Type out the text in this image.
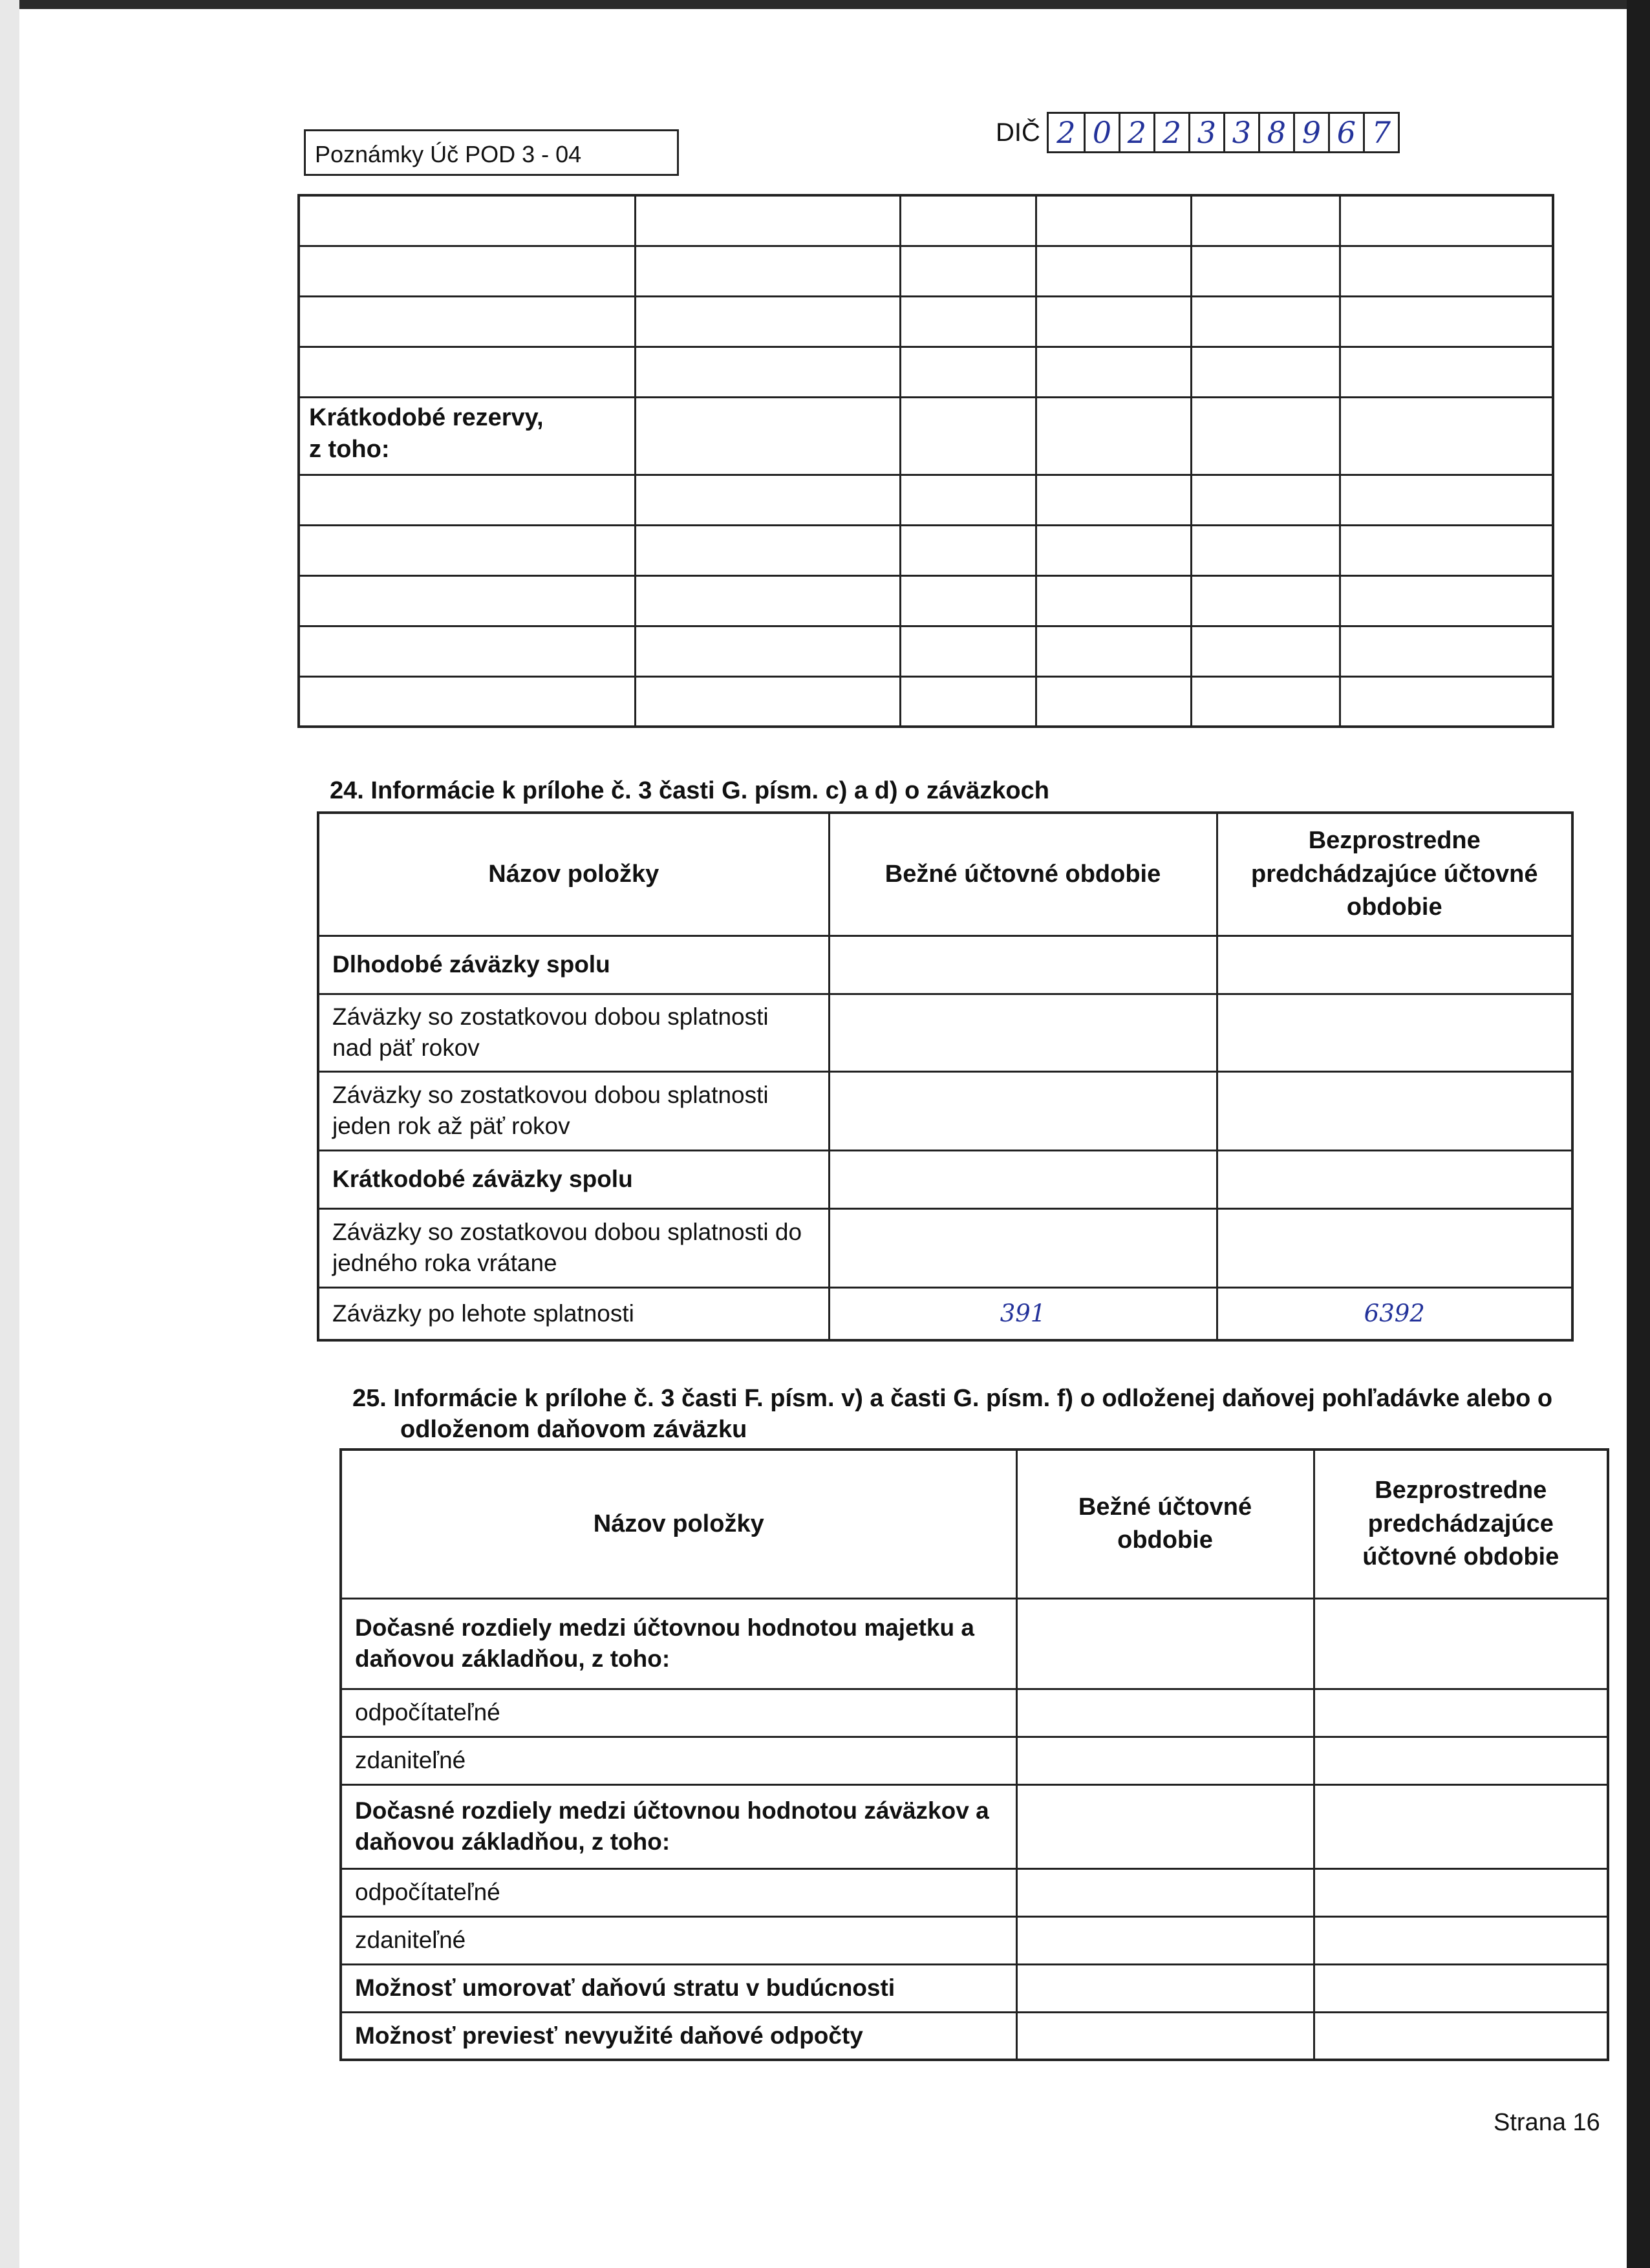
Poznámky Úč POD 3 - 04
DIČ 2 0 2 2 3 3 8 9 6 7

Krátkodobé rezervy,
z toho:					

24. Informácie k prílohe č. 3 časti G. písm. c) a d) o záväzkoch
Názov položky	Bežné účtovné obdobie	Bezprostredne predchádzajúce účtovné obdobie
Dlhodobé záväzky spolu		
Záväzky so zostatkovou dobou splatnosti nad päť rokov		
Záväzky so zostatkovou dobou splatnosti jeden rok až päť rokov		
Krátkodobé záväzky spolu		
Záväzky so zostatkovou dobou splatnosti do jedného roka vrátane		
Záväzky po lehote splatnosti	391	6392
25. Informácie k prílohe č. 3 časti F. písm. v) a časti G. písm. f) o odloženej daňovej pohľadávke alebo o
odloženom daňovom záväzku
Názov položky	Bežné účtovné obdobie	Bezprostredne predchádzajúce účtovné obdobie
Dočasné rozdiely medzi účtovnou hodnotou majetku a daňovou základňou, z toho:		
odpočítateľné		
zdaniteľné		
Dočasné rozdiely medzi účtovnou hodnotou záväzkov a daňovou základňou, z toho:		
odpočítateľné		
zdaniteľné		
Možnosť umorovať daňovú stratu v budúcnosti		
Možnosť previesť nevyužité daňové odpočty		
Strana 16
